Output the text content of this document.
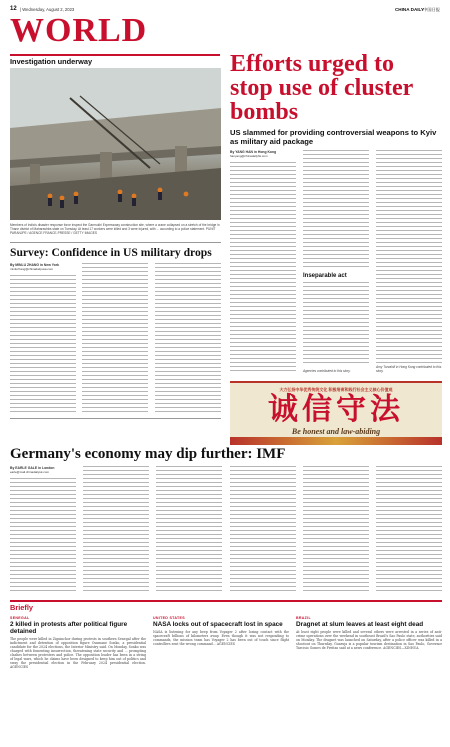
12 | Wednesday, August 2, 2023	CHINA DAILY 中国日报
WORLD
Investigation underway
Members of India's disaster response force inspect the Garmukhi Expressway construction site, where a crane collapsed on a stretch of the bridge in Thane district of Maharashtra state on Tuesday. At least 17 workers were killed and 3 were injured, with ... according to a police statement. PUNIT PARANJPE / AGENCE FRANCE-PRESSE / GETTY IMAGES
Survey: Confidence in US military drops
By MINLU ZHANG in New York
minluzhang@chinadailyusa.com
Efforts urged to stop use of cluster bombs
US slammed for providing controversial weapons to Kyiv as military aid package
By YANG HAN in Hong Kong
hanyang@chinadailyhk.com
Inseparable act
Agencies contributed to this story.
Amy Turvahill in Hong Kong contributed to this story.
大力弘扬中华优秀传统文化 积极培育和践行社会主义核心价值观
诚信守法
Be honest and law-abiding
Germany's economy may dip further: IMF
By EARLE GALE in London
earle@mail.chinadailyuk.com
Briefly
SENEGAL
2 killed in protests after political figure detained
The people were killed in Ziguinchor during protests in southern Senegal after the indictment and detention of opposition figure Ousmane Sonko, a presidential candidate for the 2024 elections, the Interior Ministry said. On Monday, Sonko was charged with fomenting insurrection, threatening state security and ... prompting clashes between protesters and police. The opposition leader has been in a string of legal wars, which he claims have been designed to keep him out of politics and sway the presidential election in the February 2024 presidential election. AGENCIES
UNITED STATES
NASA locks out of spacecraft lost in space
NASA is listening for any beep from Voyager 2 after losing contact with the spacecraft billions of kilometers away. Even though it was not responding to commands, the mission team has Voyager 2 has been out of touch since flight controllers sent the wrong command... AGENCIES
BRAZIL
Dragnet at slum leaves at least eight dead
At least eight people were killed and several others were arrested in a series of anti-crime operations over the weekend in southeast Brazil's Sao Paulo state, authorities said on Monday. The dragnet was launched on Saturday, after a police officer was killed in a shootout on Thursday. Guaruja is a popular tourism destination in Sao Paulo, Governor Tarcisio Gomes de Freitas said at a news conference. AGENCIES—XINHUA
